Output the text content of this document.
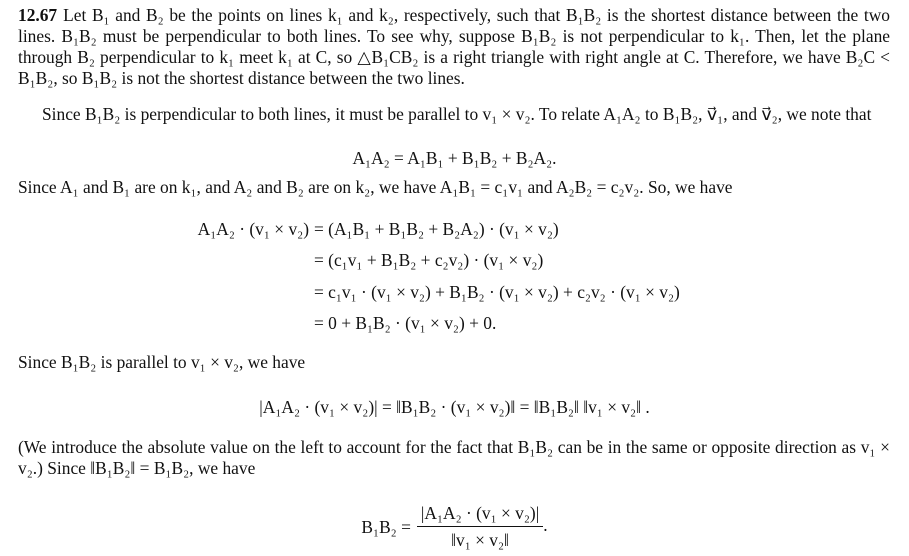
12.67 Let B₁ and B₂ be the points on lines k₁ and k₂, respectively, such that B₁B₂ is the shortest distance between the two lines. B₁B₂ must be perpendicular to both lines. To see why, suppose B₁B₂ is not perpendicular to k₁. Then, let the plane through B₂ perpendicular to k₁ meet k₁ at C, so △B₁CB₂ is a right triangle with right angle at C. Therefore, we have B₂C < B₁B₂, so B₁B₂ is not the shortest distance between the two lines.

Since B₁B₂ is perpendicular to both lines, it must be parallel to v₁ × v₂. To relate A₁A₂ to B₁B₂, v⃗₁, and v⃗₂, we note that

A₁A₂ = A₁B₁ + B₁B₂ + B₂A₂.

Since A₁ and B₁ are on k₁, and A₂ and B₂ are on k₂, we have A₁B₁ = c₁v₁ and A₂B₂ = c₂v₂. So, we have

A₁A₂ · (v₁ × v₂) = (A₁B₁ + B₁B₂ + B₂A₂) · (v₁ × v₂)
= (c₁v₁ + B₁B₂ + c₂v₂) · (v₁ × v₂)
= c₁v₁ · (v₁ × v₂) + B₁B₂ · (v₁ × v₂) + c₂v₂ · (v₁ × v₂)
= 0 + B₁B₂ · (v₁ × v₂) + 0.

Since B₁B₂ is parallel to v₁ × v₂, we have

|A₁A₂ · (v₁ × v₂)| = ‖B₁B₂ · (v₁ × v₂)‖ = ‖B₁B₂‖ ‖v₁ × v₂‖ .

(We introduce the absolute value on the left to account for the fact that B₁B₂ can be in the same or opposite direction as v₁ × v₂.) Since ‖B₁B₂‖ = B₁B₂, we have

$B_1B_2 = \frac{\text{|A₁A₂ · (v₁ × v₂)|}}{\text{‖v₁ × v₂‖}}$ .
